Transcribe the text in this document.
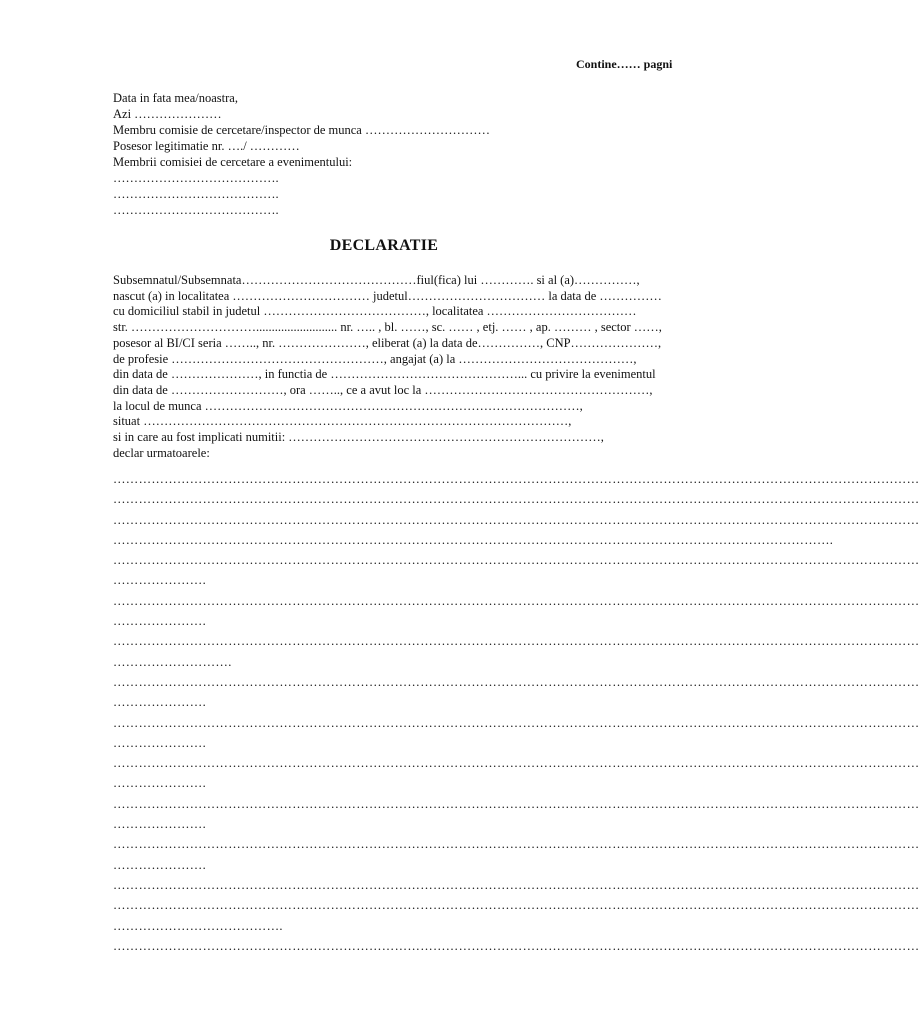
Contine…… pagni
Data in fata mea/noastra,
Azi …………………
Membru comisie de cercetare/inspector de munca …………………………
Posesor legitimatie nr. …./ …………
Membrii comisiei de cercetare a evenimentului:
………………………………….
………………………………….
………………………………….
DECLARATIE
Subsemnatul/Subsemnata……………………………………fiul(fica) lui …………. si al (a)……………,
nascut (a) in localitatea …………………………… judetul…………………………… la data de ……………
cu domiciliul stabil in judetul …………………………………, localitatea ………………………………
str. ………………………….......................... nr. ….. , bl. ……, sc. …… , etj. …… , ap. ……… , sector ……,
posesor al BI/CI seria …….., nr. …………………, eliberat (a) la data de……………, CNP…………………,
de profesie ……………………………………………, angajat (a) la ……………………………………,
din data de …………………, in functia de ………………………………………... cu privire la evenimentul
din data de ………………………, ora …….., ce a avut loc la ………………………………………………,
la locul de munca ………………………………………………………………………………,
situat …………………………………………………………………………………………,
si in care au fost implicati numitii: …………………………………………………………………,
declar urmatoarele:
………………………………………………………………………………………………………………………………………………………………………
………………………………………………………………………………………………………………………………………………………………………
………………………………………………………………………………………………………………………………………………………………………
…………………………………………………………………………………………………………………………………………………….
………………………………………………………………………………………………………………………………………………………………………
………………….
………………………………………………………………………………………………………………………………………………………………………
………………….
………………………………………………………………………………………………………………………………………………………………………
……………………….
………………………………………………………………………………………………………………………………………………………………………
………………….
………………………………………………………………………………………………………………………………………………………………………
………………….
………………………………………………………………………………………………………………………………………………………………………
………………….
………………………………………………………………………………………………………………………………………………………………………
………………….
………………………………………………………………………………………………………………………………………………………………………
………………….
………………………………………………………………………………………………………………………………………………………………………
………………………………………………………………………………………………………………………………………………………………………
………………………………….
………………………………………………………………………………………………………………………………………………………………………
